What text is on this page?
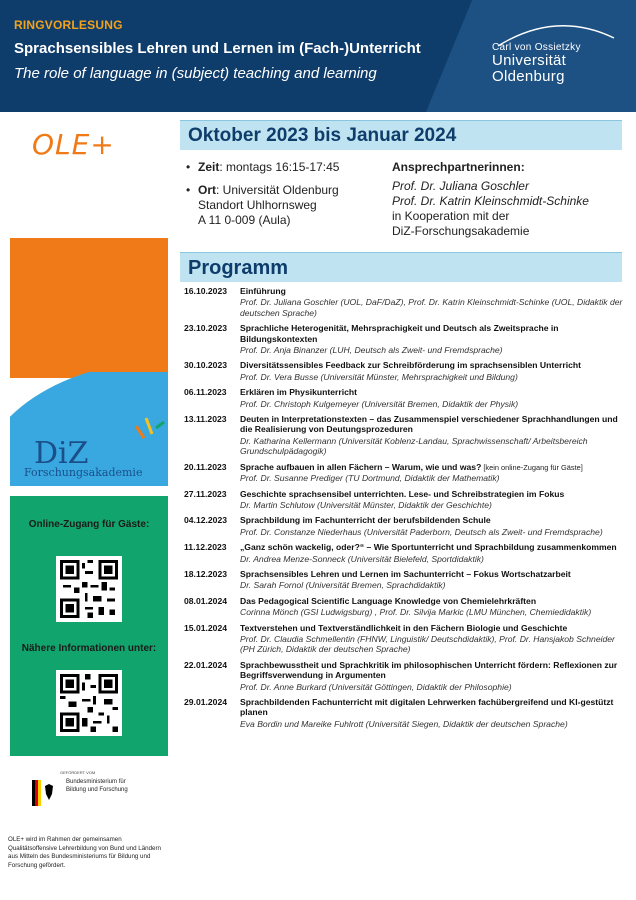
RINGVORLESUNG
Sprachsensibles Lehren und Lernen im (Fach-)Unterricht
The role of language in (subject) teaching and learning
Carl von Ossietzky
Universität
Oldenburg
OLE+
DiZ
Forschungsakademie
Online-Zugang für Gäste:
Nähere Informationen unter:
GEFÖRDERT VOM
Bundesministerium für Bildung und Forschung
OLE+ wird im Rahmen der gemeinsamen Qualitätsoffensive Lehrerbildung von Bund und Ländern aus Mitteln des Bundesministeriums für Bildung und Forschung gefördert.
Oktober 2023 bis Januar 2024
• Zeit: montags 16:15-17:45
• Ort: Universität Oldenburg
Standort Uhlhornsweg
A 11 0-009 (Aula)
Ansprechpartnerinnen:
Prof. Dr. Juliana Goschler
Prof. Dr. Katrin Kleinschmidt-Schinke
in Kooperation mit der
DiZ-Forschungsakademie
Programm
16.10.2023	Einführung
Prof. Dr. Juliana Goschler (UOL, DaF/DaZ), Prof. Dr. Katrin Kleinschmidt-Schinke (UOL, Didaktik der deutschen Sprache)
23.10.2023	Sprachliche Heterogenität, Mehrsprachigkeit und Deutsch als Zweitsprache in Bildungskontexten
Prof. Dr. Anja Binanzer (LUH, Deutsch als Zweit- und Fremdsprache)
30.10.2023	Diversitätssensibles Feedback zur Schreibförderung im sprachsensiblen Unterricht
Prof. Dr. Vera Busse (Universität Münster, Mehrsprachigkeit und Bildung)
06.11.2023	Erklären im Physikunterricht
Prof. Dr. Christoph Kulgemeyer (Universität Bremen, Didaktik der Physik)
13.11.2023	Deuten in Interpretationstexten – das Zusammenspiel verschiedener Sprachhandlungen und die Realisierung von Deutungsprozeduren
Dr. Katharina Kellermann (Universität Koblenz-Landau, Sprachwissenschaft/ Arbeitsbereich Grundschulpädagogik)
20.11.2023	Sprache aufbauen in allen Fächern – Warum, wie und was? [kein online-Zugang für Gäste]
Prof. Dr. Susanne Prediger (TU Dortmund, Didaktik der Mathematik)
27.11.2023	Geschichte sprachsensibel unterrichten. Lese- und Schreibstrategien im Fokus
Dr. Martin Schlutow (Universität Münster, Didaktik der Geschichte)
04.12.2023	Sprachbildung im Fachunterricht der berufsbildenden Schule
Prof. Dr. Constanze Niederhaus (Universität Paderborn, Deutsch als Zweit- und Fremdsprache)
11.12.2023	„Ganz schön wackelig, oder?“ – Wie Sportunterricht und Sprachbildung zusammenkommen
Dr. Andrea Menze-Sonneck (Universität Bielefeld, Sportdidaktik)
18.12.2023	Sprachsensibles Lehren und Lernen im Sachunterricht – Fokus Wortschatzarbeit
Dr. Sarah Fornol (Universität Bremen, Sprachdidaktik)
08.01.2024	Das Pedagogical Scientific Language Knowledge von Chemielehrkräften
Corinna Mönch (GSI Ludwigsburg) , Prof. Dr. Silvija Markic (LMU München, Chemiedidaktik)
15.01.2024	Textverstehen und Textverständlichkeit in den Fächern Biologie und Geschichte
Prof. Dr. Claudia Schmellentin (FHNW, Linguistik/ Deutschdidaktik), Prof. Dr. Hansjakob Schneider (PH Zürich, Didaktik der deutschen Sprache)
22.01.2024	Sprachbewusstheit und Sprachkritik im philosophischen Unterricht fördern: Reflexionen zur Begriffsverwendung in Argumenten
Prof. Dr. Anne Burkard (Universität Göttingen, Didaktik der Philosophie)
29.01.2024	Sprachbildenden Fachunterricht mit digitalen Lehrwerken fachübergreifend und KI-gestützt planen
Eva Bordin und Mareike Fuhlrott (Universität Siegen, Didaktik der deutschen Sprache)
